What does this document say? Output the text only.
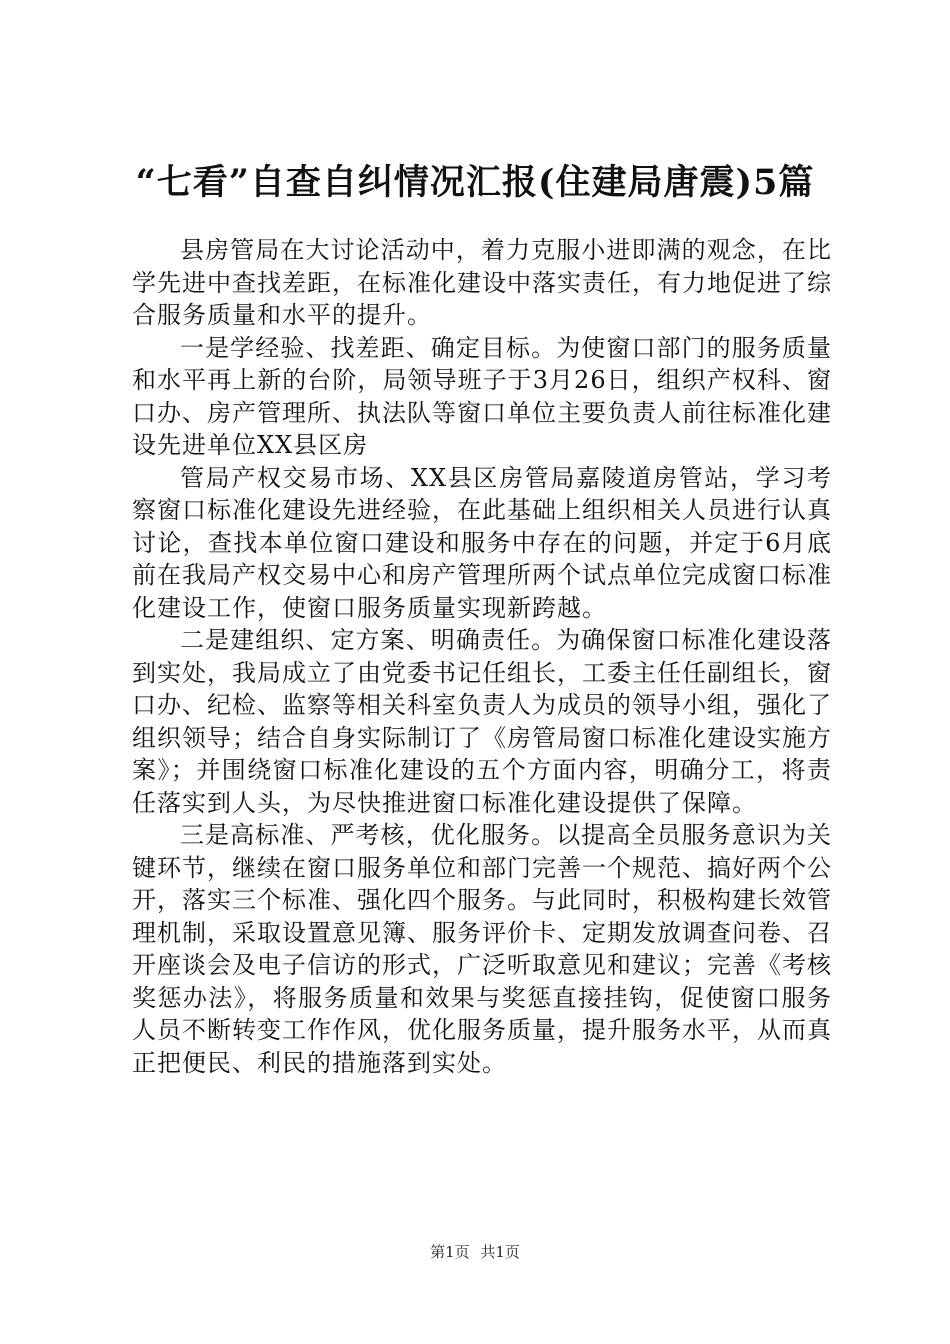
“七看”自查自纠情况汇报(住建局唐震)5篇

县房管局在大讨论活动中，着力克服小进即满的观念，在比学先进中查找差距，在标准化建设中落实责任，有力地促进了综合服务质量和水平的提升。

一是学经验、找差距、确定目标。为使窗口部门的服务质量和水平再上新的台阶，局领导班子于3月26日，组织产权科、窗口办、房产管理所、执法队等窗口单位主要负责人前往标准化建设先进单位XX县区房

管局产权交易市场、XX县区房管局嘉陵道房管站，学习考察窗口标准化建设先进经验，在此基础上组织相关人员进行认真讨论，查找本单位窗口建设和服务中存在的问题，并定于6月底前在我局产权交易中心和房产管理所两个试点单位完成窗口标准化建设工作，使窗口服务质量实现新跨越。

二是建组织、定方案、明确责任。为确保窗口标准化建设落到实处，我局成立了由党委书记任组长，工委主任任副组长，窗口办、纪检、监察等相关科室负责人为成员的领导小组，强化了组织领导；结合自身实际制订了《房管局窗口标准化建设实施方案》；并围绕窗口标准化建设的五个方面内容，明确分工，将责任落实到人头，为尽快推进窗口标准化建设提供了保障。

三是高标准、严考核，优化服务。以提高全员服务意识为关键环节，继续在窗口服务单位和部门完善一个规范、搞好两个公开，落实三个标准、强化四个服务。与此同时，积极构建长效管理机制，采取设置意见簿、服务评价卡、定期发放调查问卷、召开座谈会及电子信访的形式，广泛听取意见和建议；完善《考核奖惩办法》，将服务质量和效果与奖惩直接挂钩，促使窗口服务人员不断转变工作作风，优化服务质量，提升服务水平，从而真正把便民、利民的措施落到实处。

第1页 共1页
